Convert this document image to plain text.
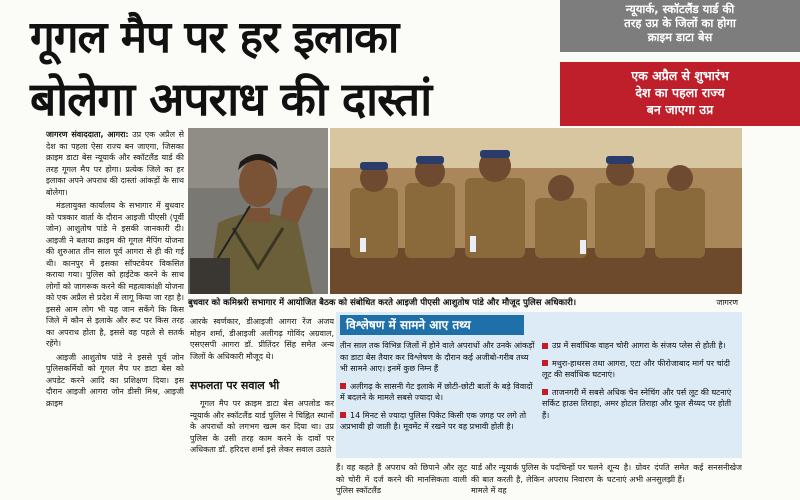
गूगल मैप पर हर इलाका
बोलेगा अपराध की दास्तां
न्यूयार्क, स्कॉटलैंड यार्ड की
तरह उप्र के जिलों का होगा
क्राइम डाटा बेस
एक अप्रैल से शुभारंभ
देश का पहला राज्य
बन जाएगा उप्र

जागरण संवाददाता, आगरा: उप्र एक अप्रैल से देश का पहला ऐसा राज्य बन जाएगा, जिसका क्राइम डाटा बेस न्यूयार्क और स्कॉटलैंड यार्ड की तरह गूगल मैप पर होगा। प्रत्येक जिले का हर इलाका अपने अपराध की दास्तां आंकड़ों के साथ बोलेगा।

मंडलायुक्त कार्यालय के सभागार में बुधवार को पत्रकार वार्ता के दौरान आइजी पीएसी (पूर्वी जोन) आशुतोष पांडे ने इसकी जानकारी दी। आइजी ने बताया क्राइम की गूगल मैपिंग योजना की शुरुआत तीन साल पूर्व आगरा से ही की गई थी। कानपुर में इसका सॉफ्टवेयर विकसित कराया गया। पुलिस को हाईटेक करने के साथ लोगों को जागरूक करने की महत्वाकांक्षी योजना को एक अप्रैल से प्रदेश में लागू किया जा रहा है। इससे आम लोग भी यह जान सकेंगे कि किस जिले में कौन से इलाके और रूट पर किस तरह का अपराध होता है, इससे वह पहले से सतर्क रहेंगे।

आइजी आशुतोष पांडे ने इससे पूर्व जोन पुलिसकर्मियों को गूगल मैप पर डाटा बेस को अपडेट करने आदि का प्रशिक्षण दिया। इस दौरान आइजी आगरा जोन डीसी मिश्र, आइजी क्राइम

बुधवार को कमिश्नरी सभागार में आयोजित बैठक को संबोधित करते आइजी पीएसी आशुतोष पांडे और मौजूद पुलिस अधिकारी।	जागरण

आरके स्वर्णकार, डीआइजी आगरा रेंज अजय मोहन शर्मा, डीआइजी अलीगढ़ गोविंद अग्रवाल, एसएसपी आगरा डॉ. प्रीतिंदर सिंह समेत अन्य जिलों के अधिकारी मौजूद थे।

सफलता पर सवाल भी

गूगल मैप पर क्राइम डाटा बेस अपलोड कर न्यूयार्क और स्कॉटलैंड यार्ड पुलिस ने चिह्नित स्थानों के अपराधों को लगभग खत्म कर दिया था। उप्र पुलिस के उसी तरह काम करने के दावों पर अधिकता डॉ. हरिदत्त शर्मा इसे लेकर सवाल उठाते

विश्लेषण में सामने आए तथ्य
तीन साल तक विभिन्न जिलों में होने वाले अपराधों और उनके आंकड़ों का डाटा बेस तैयार कर विश्लेषण के दौरान कई अजीबो-गरीब तथ्य भी सामने आए। इनमें कुछ निम्न हैं
अलीगढ़ के सासनी गेट इलाके में छोटी-छोटी बातों के बड़े विवादों में बदलने के मामले सबसे ज्यादा थे।
14 मिनट से ज्यादा पुलिस पिकेट किसी एक जगह पर लगे तो अप्रभावी हो जाती है। मूवमेंट में रखने पर वह प्रभावी होती है।
उप्र में सर्वाधिक वाहन चोरी आगरा के संजय प्लेस से होती है।
मथुरा-हाथरस तथा आगरा, एटा और फीरोजाबाद मार्ग पर चांदी लूट की सर्वाधिक घटनाएं।
ताजनगरी में सबसे अधिक चेन स्नेचिंग और पर्स लूट की घटनाएं सर्किट हाउस तिराहा, अमर होटल तिराहा और फूल सैय्यद पर होती हैं।

हैं। वह कहते हैं अपराध को छिपाने और लूट को चोरी में दर्ज करने की मानसिकता वाली पुलिस स्कॉटलैंड

यार्ड और न्यूयार्क पुलिस के पदचिन्हों पर चलने की बात करती है, लेकिन अपराध निवारण के मामले में वह

शून्य है। ग्रोवर दंपति समेत कई सनसनीखेज घटनाएं अभी अनसुलझी हैं।
